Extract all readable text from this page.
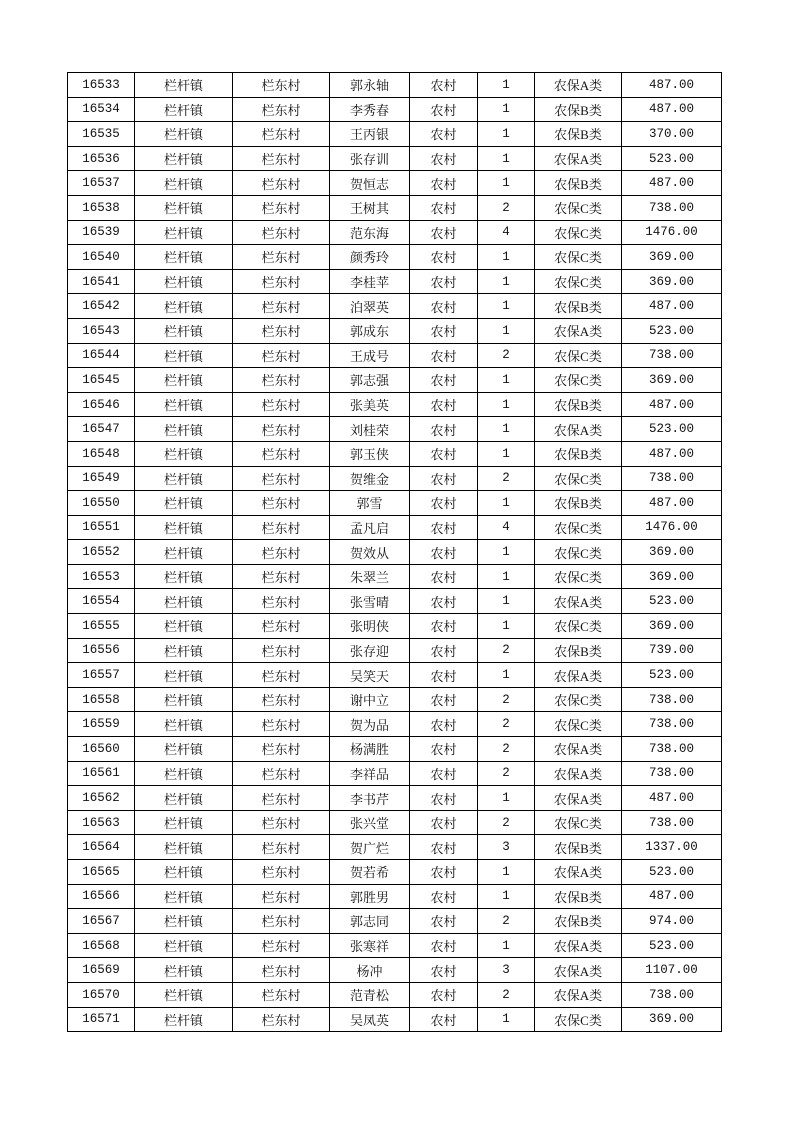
16533	栏杆镇	栏东村	郭永轴	农村	1	农保A类	487.00
16534	栏杆镇	栏东村	李秀春	农村	1	农保B类	487.00
16535	栏杆镇	栏东村	王丙银	农村	1	农保B类	370.00
16536	栏杆镇	栏东村	张存训	农村	1	农保A类	523.00
16537	栏杆镇	栏东村	贺恒志	农村	1	农保B类	487.00
16538	栏杆镇	栏东村	王树其	农村	2	农保C类	738.00
16539	栏杆镇	栏东村	范东海	农村	4	农保C类	1476.00
16540	栏杆镇	栏东村	颜秀玲	农村	1	农保C类	369.00
16541	栏杆镇	栏东村	李桂苹	农村	1	农保C类	369.00
16542	栏杆镇	栏东村	泊翠英	农村	1	农保B类	487.00
16543	栏杆镇	栏东村	郭成东	农村	1	农保A类	523.00
16544	栏杆镇	栏东村	王成号	农村	2	农保C类	738.00
16545	栏杆镇	栏东村	郭志强	农村	1	农保C类	369.00
16546	栏杆镇	栏东村	张美英	农村	1	农保B类	487.00
16547	栏杆镇	栏东村	刘桂荣	农村	1	农保A类	523.00
16548	栏杆镇	栏东村	郭玉侠	农村	1	农保B类	487.00
16549	栏杆镇	栏东村	贺维金	农村	2	农保C类	738.00
16550	栏杆镇	栏东村	郭雪	农村	1	农保B类	487.00
16551	栏杆镇	栏东村	孟凡启	农村	4	农保C类	1476.00
16552	栏杆镇	栏东村	贺效从	农村	1	农保C类	369.00
16553	栏杆镇	栏东村	朱翠兰	农村	1	农保C类	369.00
16554	栏杆镇	栏东村	张雪晴	农村	1	农保A类	523.00
16555	栏杆镇	栏东村	张明侠	农村	1	农保C类	369.00
16556	栏杆镇	栏东村	张存迎	农村	2	农保B类	739.00
16557	栏杆镇	栏东村	吴笑天	农村	1	农保A类	523.00
16558	栏杆镇	栏东村	谢中立	农村	2	农保C类	738.00
16559	栏杆镇	栏东村	贺为品	农村	2	农保C类	738.00
16560	栏杆镇	栏东村	杨满胜	农村	2	农保A类	738.00
16561	栏杆镇	栏东村	李祥品	农村	2	农保A类	738.00
16562	栏杆镇	栏东村	李书芹	农村	1	农保A类	487.00
16563	栏杆镇	栏东村	张兴堂	农村	2	农保C类	738.00
16564	栏杆镇	栏东村	贺广烂	农村	3	农保B类	1337.00
16565	栏杆镇	栏东村	贺若希	农村	1	农保A类	523.00
16566	栏杆镇	栏东村	郭胜男	农村	1	农保B类	487.00
16567	栏杆镇	栏东村	郭志同	农村	2	农保B类	974.00
16568	栏杆镇	栏东村	张寒祥	农村	1	农保A类	523.00
16569	栏杆镇	栏东村	杨冲	农村	3	农保A类	1107.00
16570	栏杆镇	栏东村	范青松	农村	2	农保A类	738.00
16571	栏杆镇	栏东村	吴凤英	农村	1	农保C类	369.00
